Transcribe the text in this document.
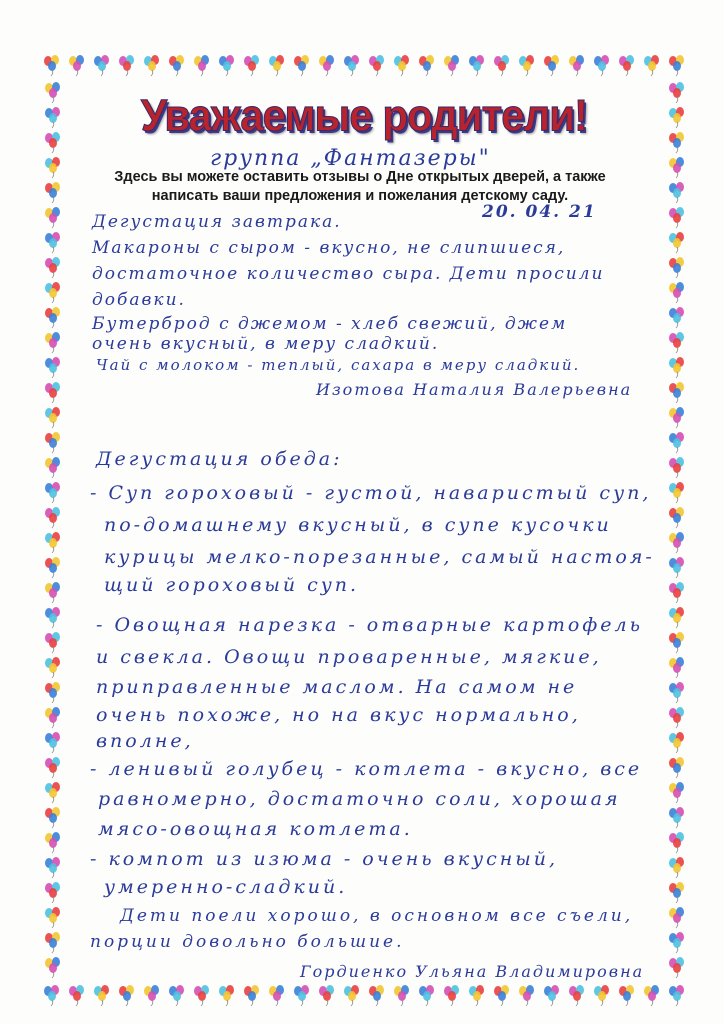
Уважаемые родители!
группа „Фантазеры"
Здесь вы можете оставить отзывы о Дне открытых дверей, а также
написать ваши предложения и пожелания детскому саду.
20. 04. 21
Дегустация завтрака.
Макароны с сыром - вкусно, не слипшиеся,
достаточное количество сыра. Дети просили
добавки.
Бутерброд с джемом - хлеб свежий, джем
очень вкусный, в меру сладкий.
Чай с молоком - теплый, сахара в меру сладкий.
Изотова Наталия Валерьевна
Дегустация обеда:
- Суп гороховый - густой, наваристый суп,
по-домашнему вкусный, в супе кусочки
курицы мелко-порезанные, самый настоя-
щий гороховый суп.
- Овощная нарезка - отварные картофель
и свекла. Овощи проваренные, мягкие,
приправленные маслом. На самом не
очень похоже, но на вкус нормально,
вполне,
- ленивый голубец - котлета - вкусно, все
равномерно, достаточно соли, хорошая
мясо-овощная котлета.
- компот из изюма - очень вкусный,
умеренно-сладкий.
Дети поели хорошо, в основном все съели,
порции довольно большие.
Гордиенко Ульяна Владимировна
